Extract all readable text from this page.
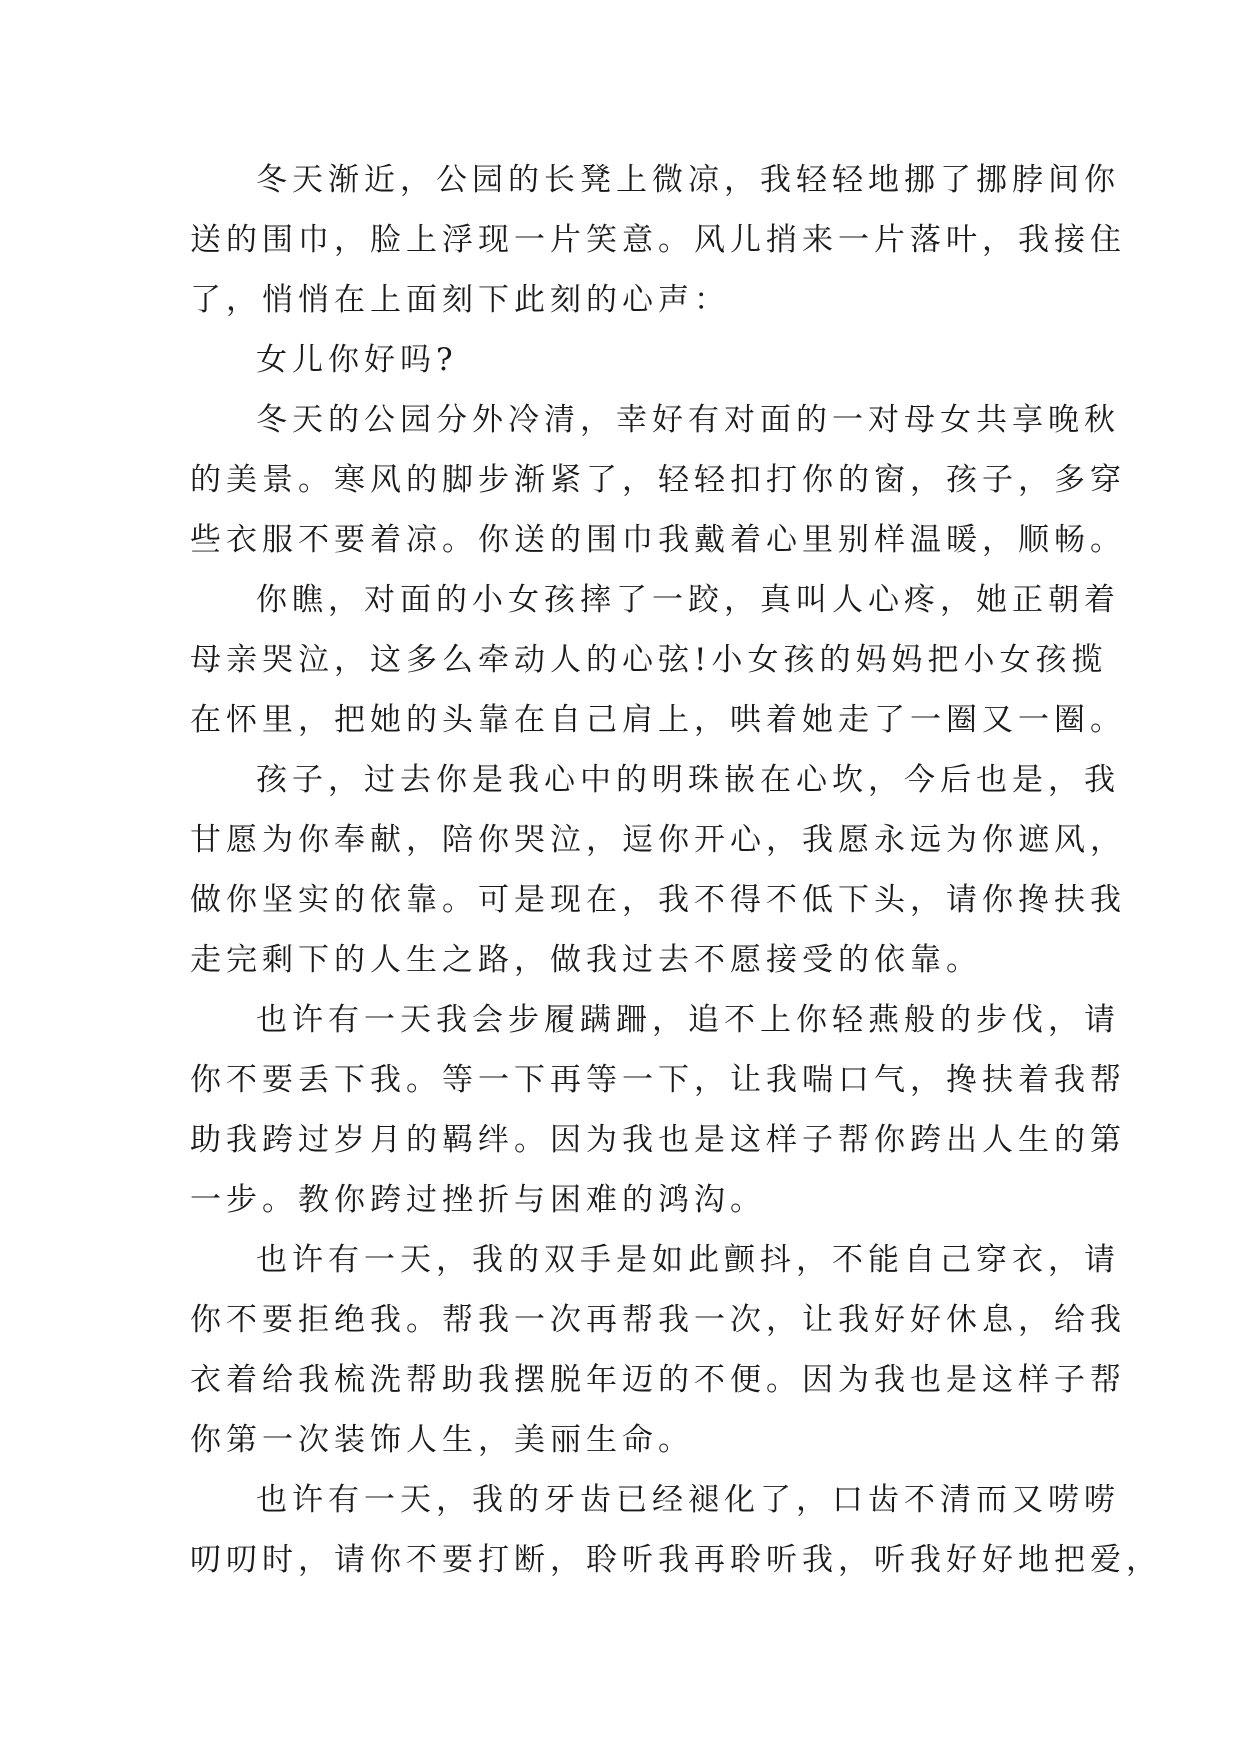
冬天渐近，公园的长凳上微凉，我轻轻地挪了挪脖间你
送的围巾，脸上浮现一片笑意。风儿捎来一片落叶，我接住
了，悄悄在上面刻下此刻的心声：
女儿你好吗?
冬天的公园分外冷清，幸好有对面的一对母女共享晚秋
的美景。寒风的脚步渐紧了，轻轻扣打你的窗，孩子，多穿
些衣服不要着凉。你送的围巾我戴着心里别样温暖，顺畅。
你瞧，对面的小女孩摔了一跤，真叫人心疼，她正朝着
母亲哭泣，这多么牵动人的心弦!小女孩的妈妈把小女孩揽
在怀里，把她的头靠在自己肩上，哄着她走了一圈又一圈。
孩子，过去你是我心中的明珠嵌在心坎，今后也是，我
甘愿为你奉献，陪你哭泣，逗你开心，我愿永远为你遮风，
做你坚实的依靠。可是现在，我不得不低下头，请你搀扶我
走完剩下的人生之路，做我过去不愿接受的依靠。
也许有一天我会步履蹒跚，追不上你轻燕般的步伐，请
你不要丢下我。等一下再等一下，让我喘口气，搀扶着我帮
助我跨过岁月的羁绊。因为我也是这样子帮你跨出人生的第
一步。教你跨过挫折与困难的鸿沟。
也许有一天，我的双手是如此颤抖，不能自己穿衣，请
你不要拒绝我。帮我一次再帮我一次，让我好好休息，给我
衣着给我梳洗帮助我摆脱年迈的不便。因为我也是这样子帮
你第一次装饰人生，美丽生命。
也许有一天，我的牙齿已经褪化了，口齿不清而又唠唠
叨叨时，请你不要打断，聆听我再聆听我，听我好好地把爱，
